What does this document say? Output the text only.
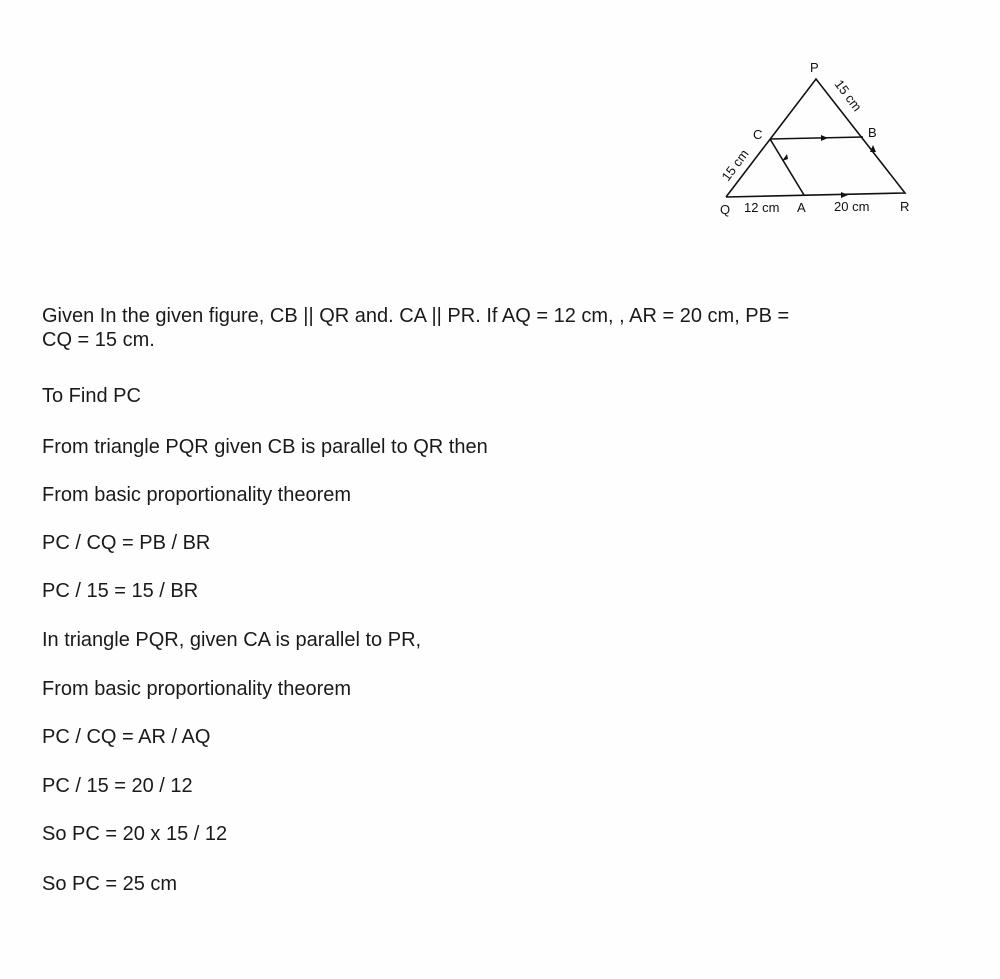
P
C	B
Q	A	R
15 cm
15 cm
12 cm	20 cm
Given In the given figure, CB || QR and. CA || PR. If AQ = 12 cm, , AR = 20 cm, PB =
CQ = 15 cm.
To Find PC
From triangle PQR given CB is parallel to QR then
From basic proportionality theorem
PC / CQ = PB / BR
PC / 15 = 15 / BR
In triangle PQR, given CA is parallel to PR,
From basic proportionality theorem
PC / CQ = AR / AQ
PC / 15 = 20 / 12
So PC = 20 x 15 / 12
So PC = 25 cm
